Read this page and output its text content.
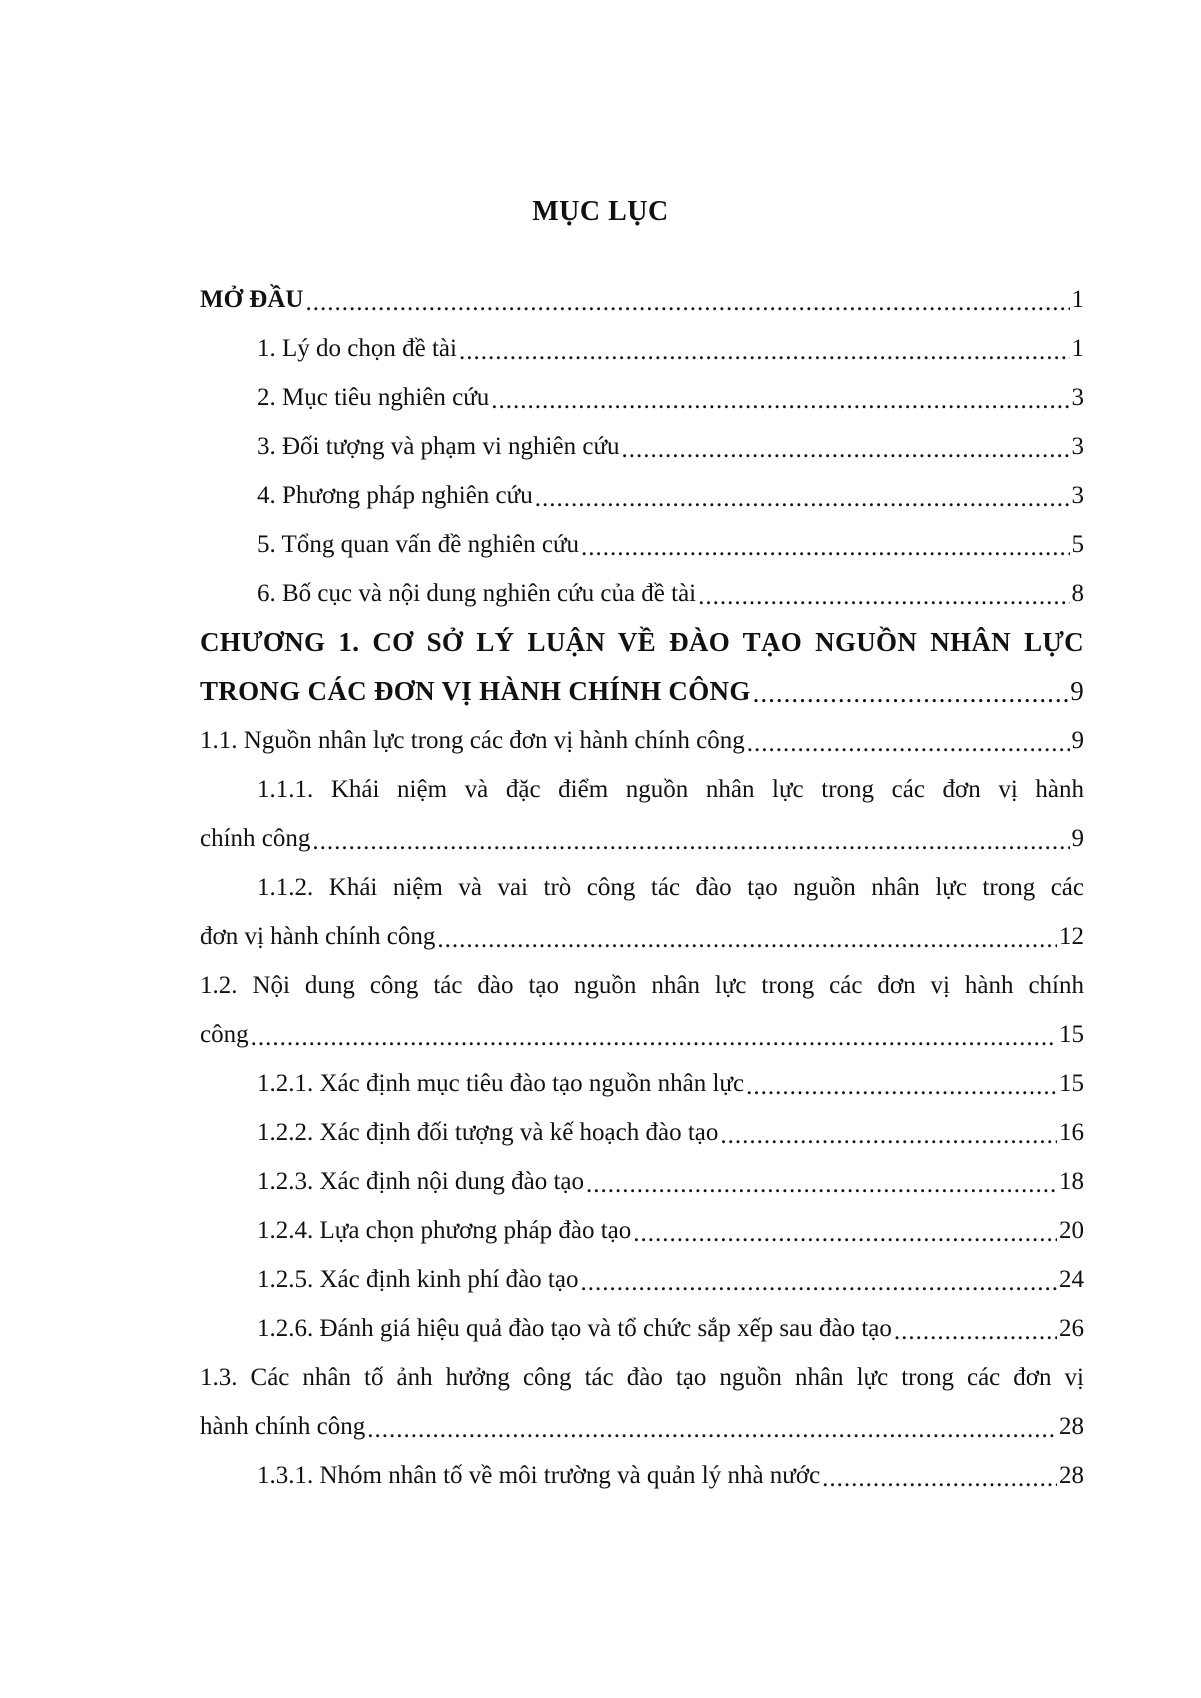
MỤC LỤC
MỞ ĐẦU .....	1
1. Lý do chọn đề tài .....	1
2. Mục tiêu nghiên cứu .....	3
3. Đối tượng và phạm vi nghiên cứu .....	3
4. Phương pháp nghiên cứu .....	3
5. Tổng quan vấn đề nghiên cứu .....	5
6. Bố cục và nội dung nghiên cứu của đề tài .....	8
CHƯƠNG 1. CƠ SỞ LÝ LUẬN VỀ ĐÀO TẠO NGUỒN NHÂN LỰC
TRONG CÁC ĐƠN VỊ HÀNH CHÍNH CÔNG .....	9
1.1. Nguồn nhân lực trong các đơn vị hành chính công .....	9
1.1.1. Khái niệm và đặc điểm nguồn nhân lực trong các đơn vị hành
chính công .....	9
1.1.2. Khái niệm và vai trò công tác đào tạo nguồn nhân lực trong các
đơn vị hành chính công .....	12
1.2. Nội dung công tác đào tạo nguồn nhân lực trong các đơn vị hành chính
công .....	15
1.2.1. Xác định mục tiêu đào tạo nguồn nhân lực .....	15
1.2.2. Xác định đối tượng và kế hoạch đào tạo .....	16
1.2.3. Xác định nội dung đào tạo .....	18
1.2.4. Lựa chọn phương pháp đào tạo .....	20
1.2.5. Xác định kinh phí đào tạo .....	24
1.2.6. Đánh giá hiệu quả đào tạo và tổ chức sắp xếp sau đào tạo .....	26
1.3. Các nhân tố ảnh hưởng công tác đào tạo nguồn nhân lực trong các đơn vị
hành chính công .....	28
1.3.1. Nhóm nhân tố về môi trường và quản lý nhà nước .....	28
